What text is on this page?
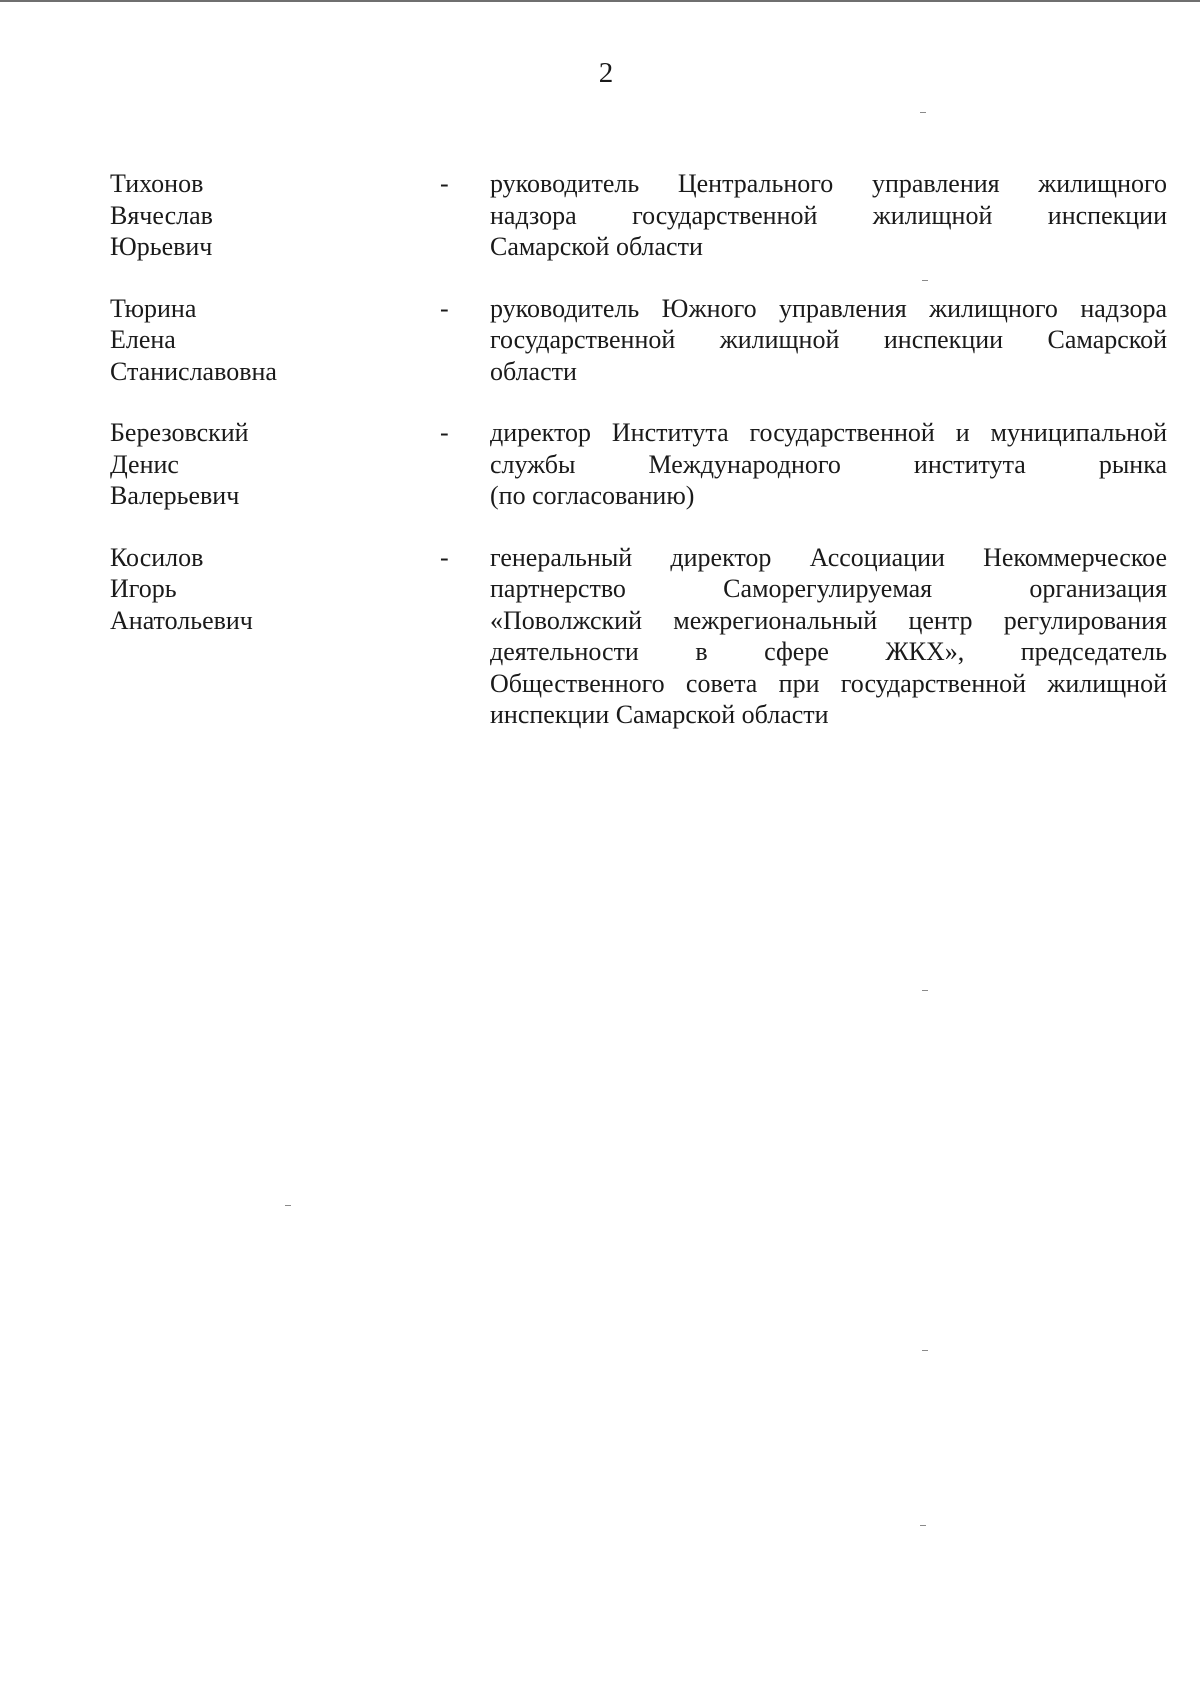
2
Тихонов
Вячеслав
Юрьевич
-	руководитель Центрального управления жилищного
надзора государственной жилищной инспекции
Самарской области
Тюрина
Елена
Станиславовна
-	руководитель Южного управления жилищного надзора
государственной жилищной инспекции Самарской
области
Березовский
Денис
Валерьевич
-	директор Института государственной и муниципальной
службы Международного института рынка
(по согласованию)
Косилов
Игорь
Анатольевич
-	генеральный директор Ассоциации Некоммерческое
партнерство Саморегулируемая организация
«Поволжский межрегиональный центр регулирования
деятельности в сфере ЖКХ», председатель
Общественного совета при государственной жилищной
инспекции Самарской области
